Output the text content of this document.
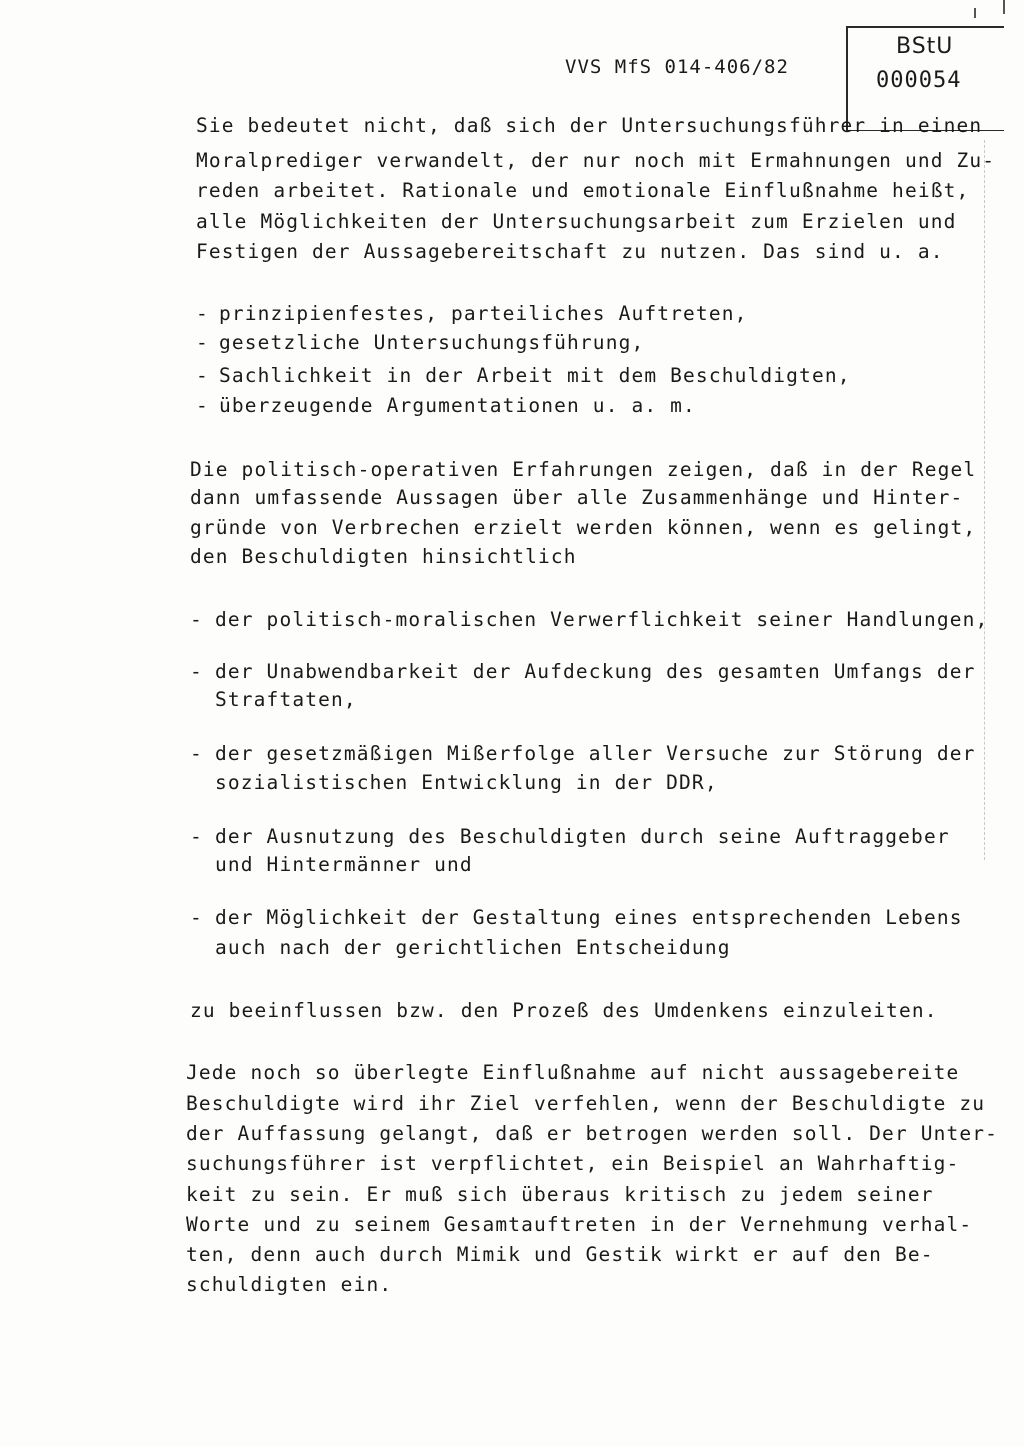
VVS MfS 014-406/82
BStU
000054
Sie bedeutet nicht, daß sich der Untersuchungsführer in einen
Moralprediger verwandelt, der nur noch mit Ermahnungen und Zu-
reden arbeitet. Rationale und emotionale Einflußnahme heißt,
alle Möglichkeiten der Untersuchungsarbeit zum Erzielen und
Festigen der Aussagebereitschaft zu nutzen. Das sind u. a.
- prinzipienfestes, parteiliches Auftreten,
- gesetzliche Untersuchungsführung,
- Sachlichkeit in der Arbeit mit dem Beschuldigten,
- überzeugende Argumentationen u. a. m.
Die politisch-operativen Erfahrungen zeigen, daß in der Regel
dann umfassende Aussagen über alle Zusammenhänge und Hinter-
gründe von Verbrechen erzielt werden können, wenn es gelingt,
den Beschuldigten hinsichtlich
- der politisch-moralischen Verwerflichkeit seiner Handlungen,
- der Unabwendbarkeit der Aufdeckung des gesamten Umfangs der
Straftaten,
- der gesetzmäßigen Mißerfolge aller Versuche zur Störung der
sozialistischen Entwicklung in der DDR,
- der Ausnutzung des Beschuldigten durch seine Auftraggeber
und Hintermänner und
- der Möglichkeit der Gestaltung eines entsprechenden Lebens
auch nach der gerichtlichen Entscheidung
zu beeinflussen bzw. den Prozeß des Umdenkens einzuleiten.
Jede noch so überlegte Einflußnahme auf nicht aussagebereite
Beschuldigte wird ihr Ziel verfehlen, wenn der Beschuldigte zu
der Auffassung gelangt, daß er betrogen werden soll. Der Unter-
suchungsführer ist verpflichtet, ein Beispiel an Wahrhaftig-
keit zu sein. Er muß sich überaus kritisch zu jedem seiner
Worte und zu seinem Gesamtauftreten in der Vernehmung verhal-
ten, denn auch durch Mimik und Gestik wirkt er auf den Be-
schuldigten ein.
